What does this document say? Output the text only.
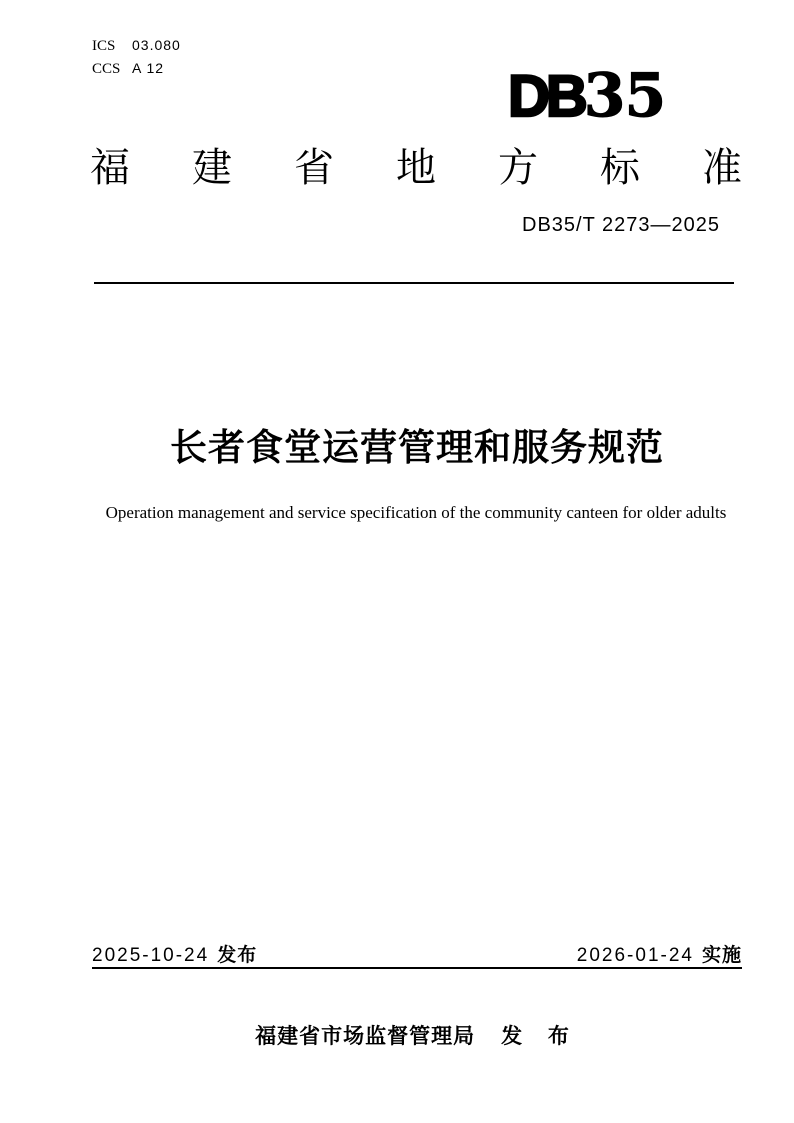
ICS	03.080
CCS A 12	DB35
福 建 省 地 方 标 准
DB35/T 2273—2025
长者食堂运营管理和服务规范
Operation management and service specification of the community canteen for older adults
2025-10-24 发布	2026-01-24 实施
福建省市场监督管理局 发 布
